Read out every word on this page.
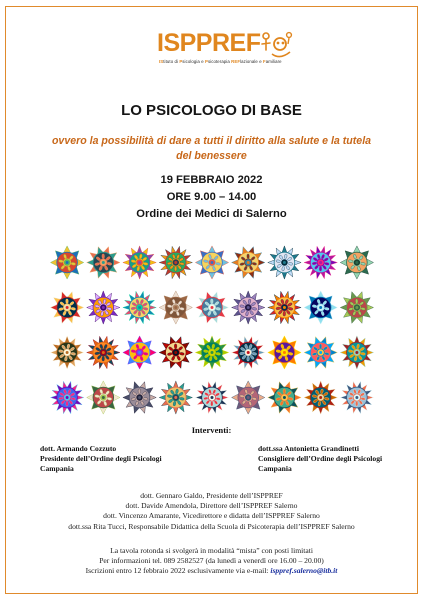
ISPPREF
IStituto di Psicologia e Psicoterapia REFlazionale e Familiare
LO PSICOLOGO DI BASE
ovvero la possibilità di dare a tutti il diritto alla salute e la tutela del benessere
19 FEBBRAIO 2022
ORE 9.00 – 14.00
Ordine dei Medici di Salerno
Interventi:
dott. Armando Cozzuto
Presidente dell’Ordine degli Psicologi
Campania
dott.ssa Antonietta Grandinetti
Consigliere dell’Ordine degli Psicologi
Campania
dott. Gennaro Galdo, Presidente dell’ISPPREF
dott. Davide Amendola, Direttore dell’ISPPREF Salerno
dott. Vincenzo Amarante, Vicedirettore e didatta dell’ISPPREF Salerno
dott.ssa Rita Tucci, Responsabile Didattica della Scuola di Psicoterapia dell’ISPPREF Salerno
La tavola rotonda si svolgerà in modalità “mista” con posti limitati
Per informazioni tel. 089 2582527 (da lunedì a venerdì ore 16.00 – 20.00)
Iscrizioni entro 12 febbraio 2022 esclusivamente via e-mail: isppref.salerno@itb.it
